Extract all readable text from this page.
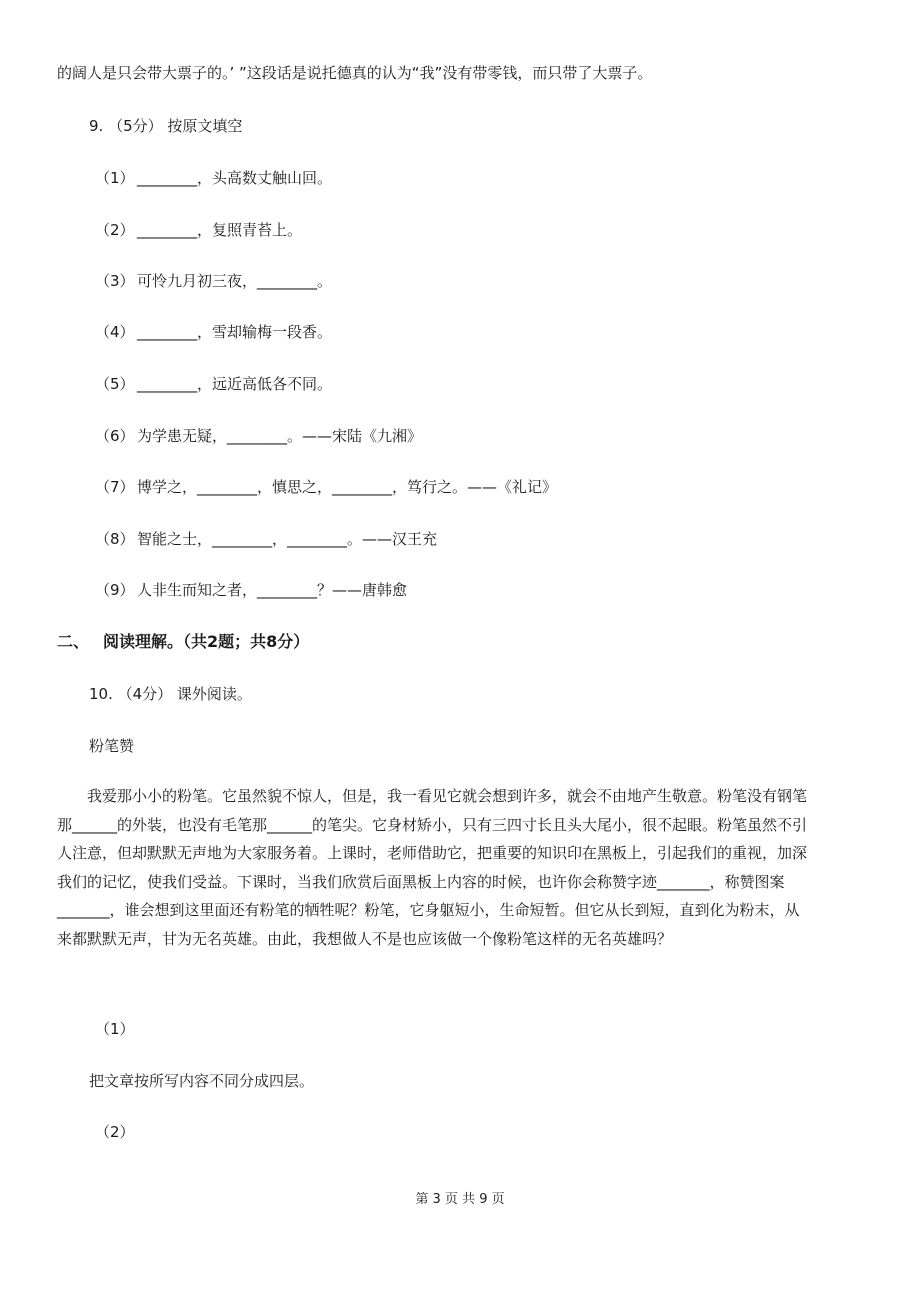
的阔人是只会带大票子的。’ ”这段话是说托德真的认为“我”没有带零钱，而只带了大票子。
9. （5分） 按原文填空
（1） ________，头高数丈触山回。
（2） ________，复照青苔上。
（3） 可怜九月初三夜，________。
（4） ________，雪却输梅一段香。
（5） ________，远近高低各不同。
（6） 为学患无疑，________。——宋陆《九湘》
（7） 博学之，________，慎思之，________，笃行之。——《礼记》
（8） 智能之士，________，________。——汉王充
（9） 人非生而知之者，________？——唐韩愈
二、 阅读理解。（共2题；共8分）
10. （4分） 课外阅读。
粉笔赞
　　我爱那小小的粉笔。它虽然貌不惊人，但是，我一看见它就会想到许多，就会不由地产生敬意。粉笔没有钢笔
那______的外装，也没有毛笔那______的笔尖。它身材矫小，只有三四寸长且头大尾小，很不起眼。粉笔虽然不引
人注意，但却默默无声地为大家服务着。上课时，老师借助它，把重要的知识印在黑板上，引起我们的重视，加深
我们的记忆，使我们受益。下课时，当我们欣赏后面黑板上内容的时候，也许你会称赞字迹_______，称赞图案
_______，谁会想到这里面还有粉笔的牺牲呢？粉笔，它身躯短小，生命短暂。但它从长到短，直到化为粉末，从
来都默默无声，甘为无名英雄。由此，我想做人不是也应该做一个像粉笔这样的无名英雄吗？
（1）
把文章按所写内容不同分成四层。
（2）
第 3 页 共 9 页
